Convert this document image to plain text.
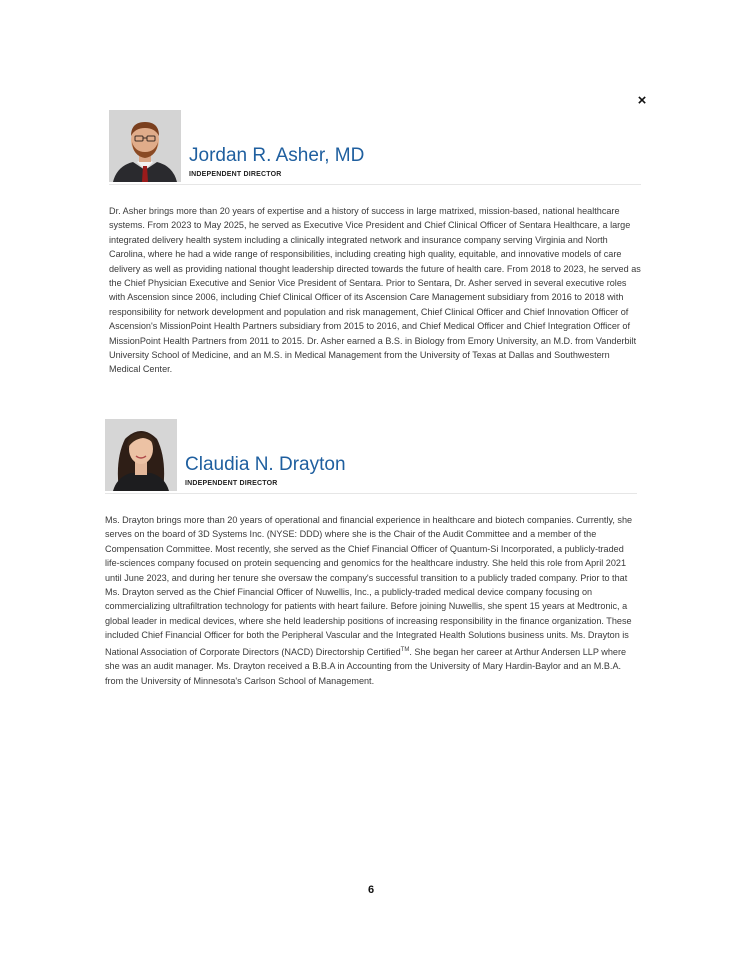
×
Jordan R. Asher, MD
INDEPENDENT DIRECTOR

Dr. Asher brings more than 20 years of expertise and a history of success in large matrixed, mission-based, national healthcare systems. From 2023 to May 2025, he served as Executive Vice President and Chief Clinical Officer of Sentara Healthcare, a large integrated delivery health system including a clinically integrated network and insurance company serving Virginia and North Carolina, where he had a wide range of responsibilities, including creating high quality, equitable, and innovative models of care delivery as well as providing national thought leadership directed towards the future of health care. From 2018 to 2023, he served as the Chief Physician Executive and Senior Vice President of Sentara. Prior to Sentara, Dr. Asher served in several executive roles with Ascension since 2006, including Chief Clinical Officer of its Ascension Care Management subsidiary from 2016 to 2018 with responsibility for network development and population and risk management, Chief Clinical Officer and Chief Innovation Officer of Ascension's MissionPoint Health Partners subsidiary from 2015 to 2016, and Chief Medical Officer and Chief Integration Officer of MissionPoint Health Partners from 2011 to 2015. Dr. Asher earned a B.S. in Biology from Emory University, an M.D. from Vanderbilt University School of Medicine, and an M.S. in Medical Management from the University of Texas at Dallas and Southwestern Medical Center.

Claudia N. Drayton
INDEPENDENT DIRECTOR

Ms. Drayton brings more than 20 years of operational and financial experience in healthcare and biotech companies. Currently, she serves on the board of 3D Systems Inc. (NYSE: DDD) where she is the Chair of the Audit Committee and a member of the Compensation Committee. Most recently, she served as the Chief Financial Officer of Quantum-Si Incorporated, a publicly-traded life-sciences company focused on protein sequencing and genomics for the healthcare industry. She held this role from April 2021 until June 2023, and during her tenure she oversaw the company's successful transition to a publicly traded company. Prior to that Ms. Drayton served as the Chief Financial Officer of Nuwellis, Inc., a publicly-traded medical device company focusing on commercializing ultrafiltration technology for patients with heart failure. Before joining Nuwellis, she spent 15 years at Medtronic, a global leader in medical devices, where she held leadership positions of increasing responsibility in the finance organization. These included Chief Financial Officer for both the Peripheral Vascular and the Integrated Health Solutions business units. Ms. Drayton is National Association of Corporate Directors (NACD) Directorship Certified™. She began her career at Arthur Andersen LLP where she was an audit manager. Ms. Drayton received a B.B.A in Accounting from the University of Mary Hardin-Baylor and an M.B.A. from the University of Minnesota's Carlson School of Management.

6
